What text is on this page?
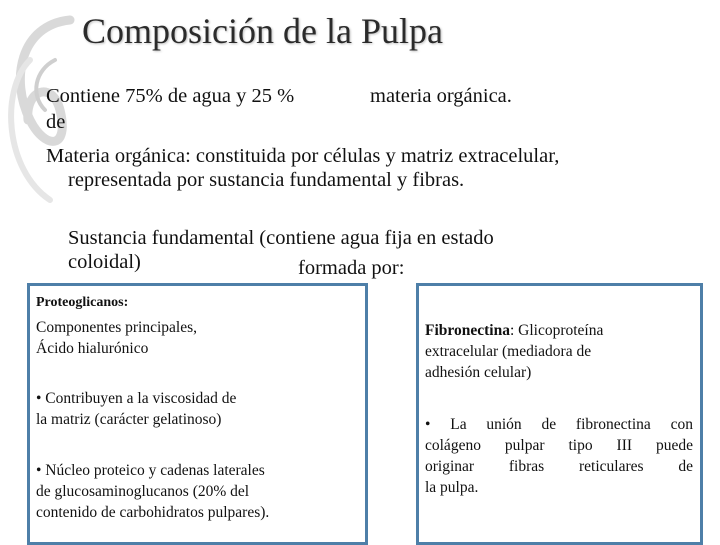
Composición de la Pulpa
Contiene 75% de agua y 25 %	materia orgánica.
de
Materia orgánica: constituida por células y matriz extracelular,
representada por sustancia fundamental y fibras.
Sustancia fundamental (contiene agua fija en estado
coloidal)	formada por:
Proteoglicanos:
Componentes principales,
Ácido hialurónico
• Contribuyen a la viscosidad de
la matriz (carácter gelatinoso)
• Núcleo proteico y cadenas laterales
de glucosaminoglucanos (20% del
contenido de carbohidratos pulpares).
Fibronectina: Glicoproteína
extracelular (mediadora de
adhesión celular)
• La unión de fibronectina con
colágeno pulpar tipo III puede
originar fibras reticulares de
la pulpa.
